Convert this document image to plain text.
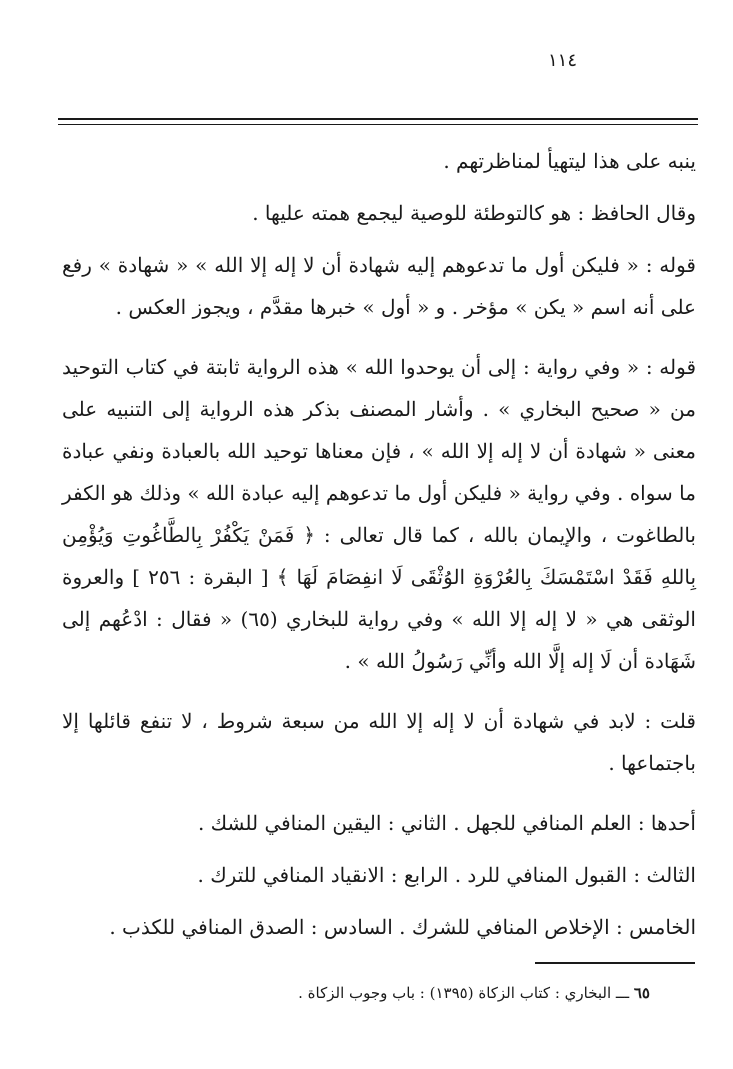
١١٤

ينبه على هذا ليتهيأ لمناظرتهم .

وقال الحافظ : هو كالتوطئة للوصية ليجمع همته عليها .

قوله : « فليكن أول ما تدعوهم إليه شهادة أن لا إله إلا الله » « شهادة » رفع على أنه اسم « يكن » مؤخر . و « أول » خبرها مقدَّم ، ويجوز العكس .

قوله : « وفي رواية : إلى أن يوحدوا الله » هذه الرواية ثابتة في كتاب التوحيد من « صحيح البخاري » . وأشار المصنف بذكر هذه الرواية إلى التنبيه على معنى « شهادة أن لا إله إلا الله » ، فإن معناها توحيد الله بالعبادة ونفي عبادة ما سواه . وفي رواية « فليكن أول ما تدعوهم إليه عبادة الله » وذلك هو الكفر بالطاغوت ، والإيمان بالله ، كما قال تعالى : ﴿ فَمَنْ يَكْفُرْ بِالطَّاغُوتِ وَيُؤْمِن بِاللهِ فَقَدْ اسْتَمْسَكَ بِالعُرْوَةِ الوُثْقَى لَا انفِصَامَ لَهَا ﴾ [ البقرة : ٢٥٦ ] والعروة الوثقى هي « لا إله إلا الله » وفي رواية للبخاري (٦٥) « فقال : ادْعُهم إلى شَهَادة أن لَا إله إلَّا الله وأنِّي رَسُولُ الله » .

قلت : لابد في شهادة أن لا إله إلا الله من سبعة شروط ، لا تنفع قائلها إلا باجتماعها .

أحدها : العلم المنافي للجهل . الثاني : اليقين المنافي للشك .

الثالث : القبول المنافي للرد . الرابع : الانقياد المنافي للترك .

الخامس : الإخلاص المنافي للشرك . السادس : الصدق المنافي للكذب .

٦٥ ـــ البخاري : كتاب الزكاة (١٣٩٥) : باب وجوب الزكاة .
